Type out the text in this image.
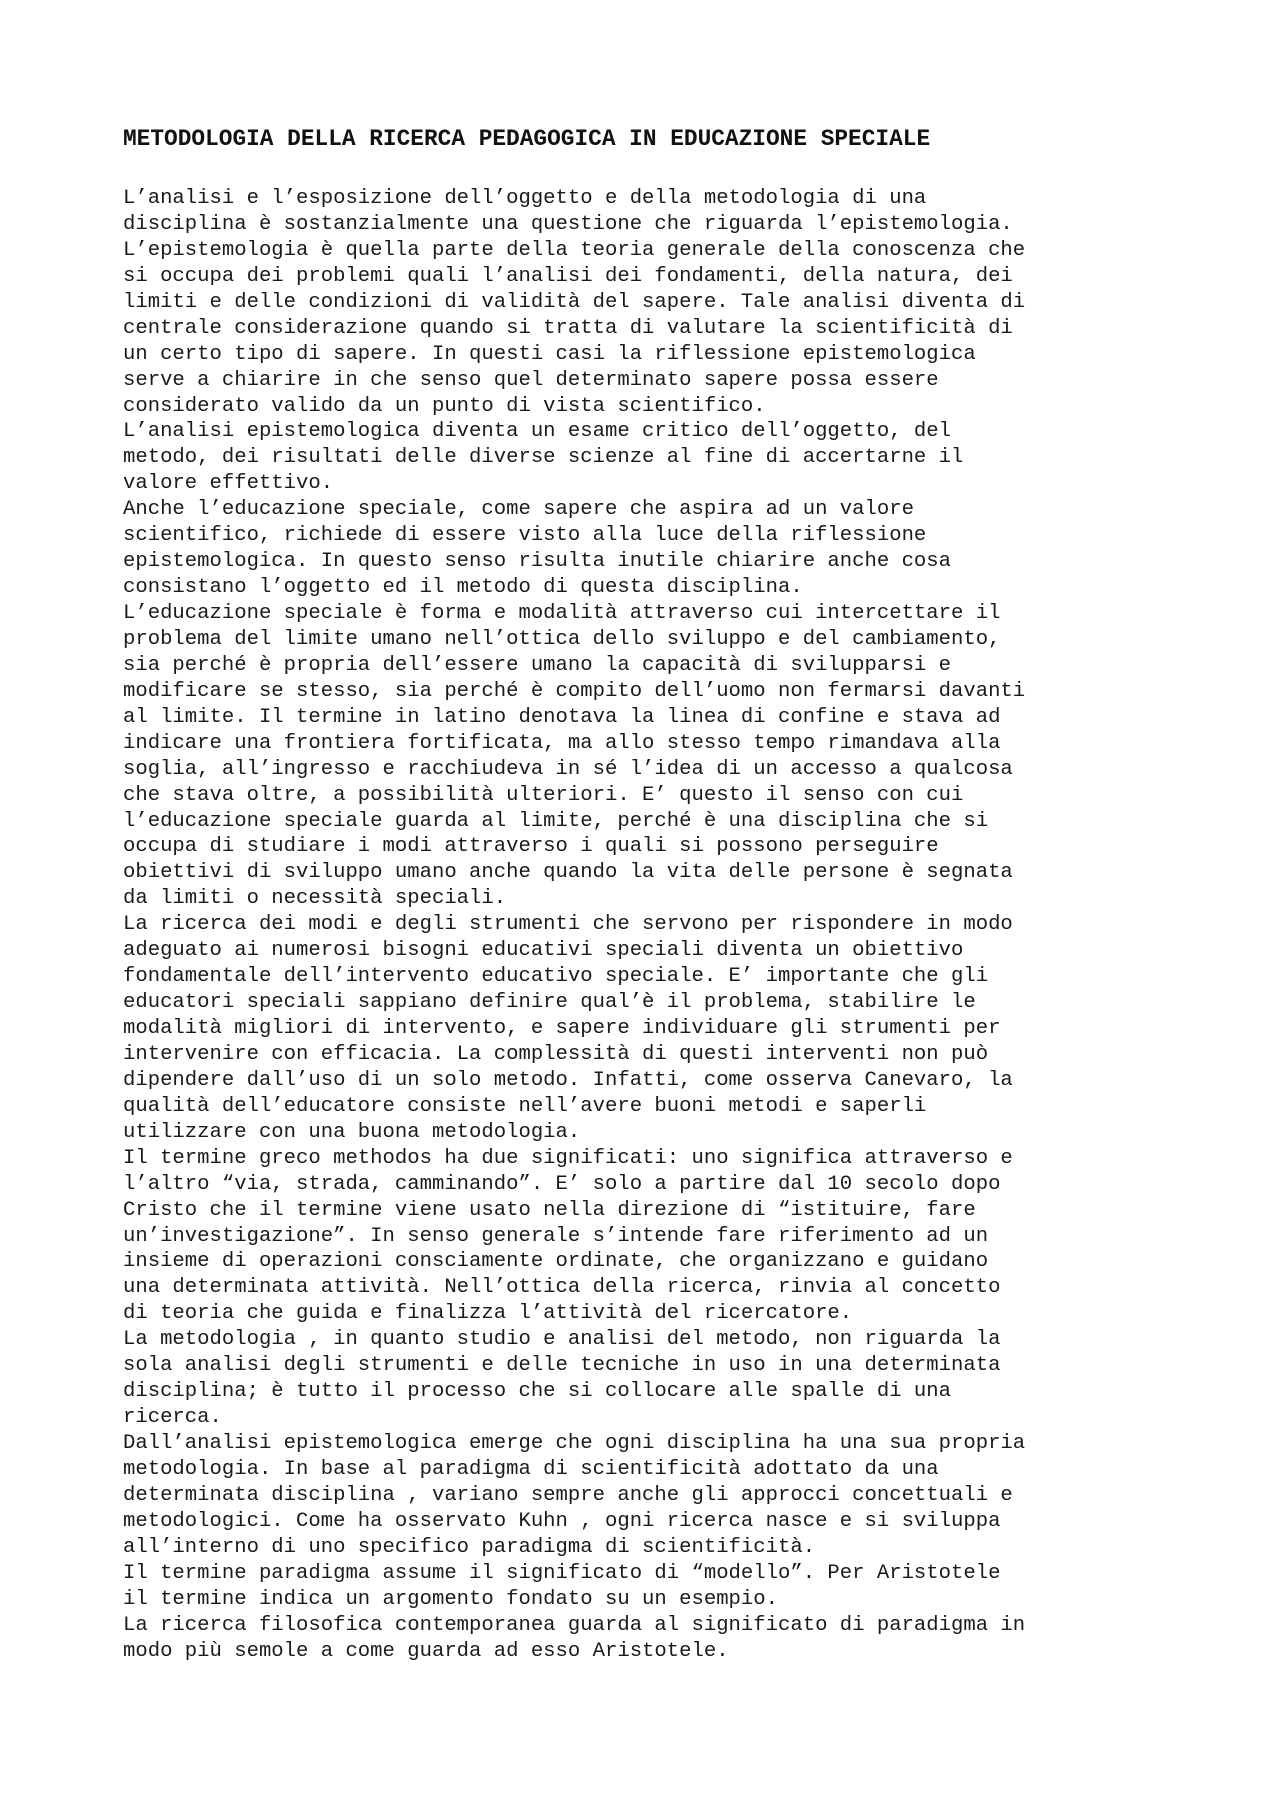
METODOLOGIA DELLA RICERCA PEDAGOGICA IN EDUCAZIONE SPECIALE
L’analisi e l’esposizione dell’oggetto e della metodologia di una
disciplina è sostanzialmente una questione che riguarda l’epistemologia.
L’epistemologia è quella parte della teoria generale della conoscenza che
si occupa dei problemi quali l’analisi dei fondamenti, della natura, dei
limiti e delle condizioni di validità del sapere. Tale analisi diventa di
centrale considerazione quando si tratta di valutare la scientificità di
un certo tipo di sapere. In questi casi la riflessione epistemologica
serve a chiarire in che senso quel determinato sapere possa essere
considerato valido da un punto di vista scientifico.
L’analisi epistemologica diventa un esame critico dell’oggetto, del
metodo, dei risultati delle diverse scienze al fine di accertarne il
valore effettivo.
Anche l’educazione speciale, come sapere che aspira ad un valore
scientifico, richiede di essere visto alla luce della riflessione
epistemologica. In questo senso risulta inutile chiarire anche cosa
consistano l’oggetto ed il metodo di questa disciplina.
L’educazione speciale è forma e modalità attraverso cui intercettare il
problema del limite umano nell’ottica dello sviluppo e del cambiamento,
sia perché è propria dell’essere umano la capacità di svilupparsi e
modificare se stesso, sia perché è compito dell’uomo non fermarsi davanti
al limite. Il termine in latino denotava la linea di confine e stava ad
indicare una frontiera fortificata, ma allo stesso tempo rimandava alla
soglia, all’ingresso e racchiudeva in sé l’idea di un accesso a qualcosa
che stava oltre, a possibilità ulteriori. E’ questo il senso con cui
l’educazione speciale guarda al limite, perché è una disciplina che si
occupa di studiare i modi attraverso i quali si possono perseguire
obiettivi di sviluppo umano anche quando la vita delle persone è segnata
da limiti o necessità speciali.
La ricerca dei modi e degli strumenti che servono per rispondere in modo
adeguato ai numerosi bisogni educativi speciali diventa un obiettivo
fondamentale dell’intervento educativo speciale. E’ importante che gli
educatori speciali sappiano definire qual’è il problema, stabilire le
modalità migliori di intervento, e sapere individuare gli strumenti per
intervenire con efficacia. La complessità di questi interventi non può
dipendere dall’uso di un solo metodo. Infatti, come osserva Canevaro, la
qualità dell’educatore consiste nell’avere buoni metodi e saperli
utilizzare con una buona metodologia.
Il termine greco methodos ha due significati: uno significa attraverso e
l’altro “via, strada, camminando”. E’ solo a partire dal 10 secolo dopo
Cristo che il termine viene usato nella direzione di “istituire, fare
un’investigazione”. In senso generale s’intende fare riferimento ad un
insieme di operazioni consciamente ordinate, che organizzano e guidano
una determinata attività. Nell’ottica della ricerca, rinvia al concetto
di teoria che guida e finalizza l’attività del ricercatore.
La metodologia , in quanto studio e analisi del metodo, non riguarda la
sola analisi degli strumenti e delle tecniche in uso in una determinata
disciplina; è tutto il processo che si collocare alle spalle di una
ricerca.
Dall’analisi epistemologica emerge che ogni disciplina ha una sua propria
metodologia. In base al paradigma di scientificità adottato da una
determinata disciplina , variano sempre anche gli approcci concettuali e
metodologici. Come ha osservato Kuhn , ogni ricerca nasce e si sviluppa
all’interno di uno specifico paradigma di scientificità.
Il termine paradigma assume il significato di “modello”. Per Aristotele
il termine indica un argomento fondato su un esempio.
La ricerca filosofica contemporanea guarda al significato di paradigma in
modo più semole a come guarda ad esso Aristotele.
